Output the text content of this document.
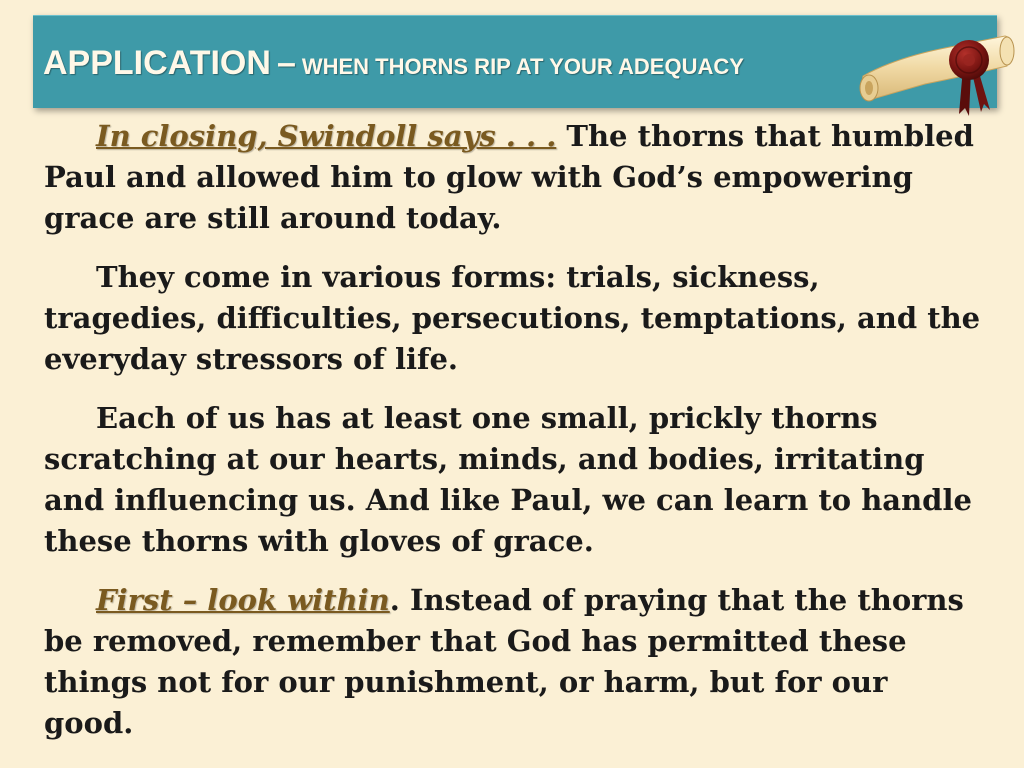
APPLICATION – WHEN THORNS RIP AT YOUR ADEQUACY

In closing, Swindoll says . . . The thorns that humbled Paul and allowed him to glow with God’s empowering grace are still around today.

They come in various forms: trials, sickness, tragedies, difficulties, persecutions, temptations, and the everyday stressors of life.

Each of us has at least one small, prickly thorns scratching at our hearts, minds, and bodies, irritating and influencing us. And like Paul, we can learn to handle these thorns with gloves of grace.

First – look within. Instead of praying that the thorns be removed, remember that God has permitted these things not for our punishment, or harm, but for our good.
